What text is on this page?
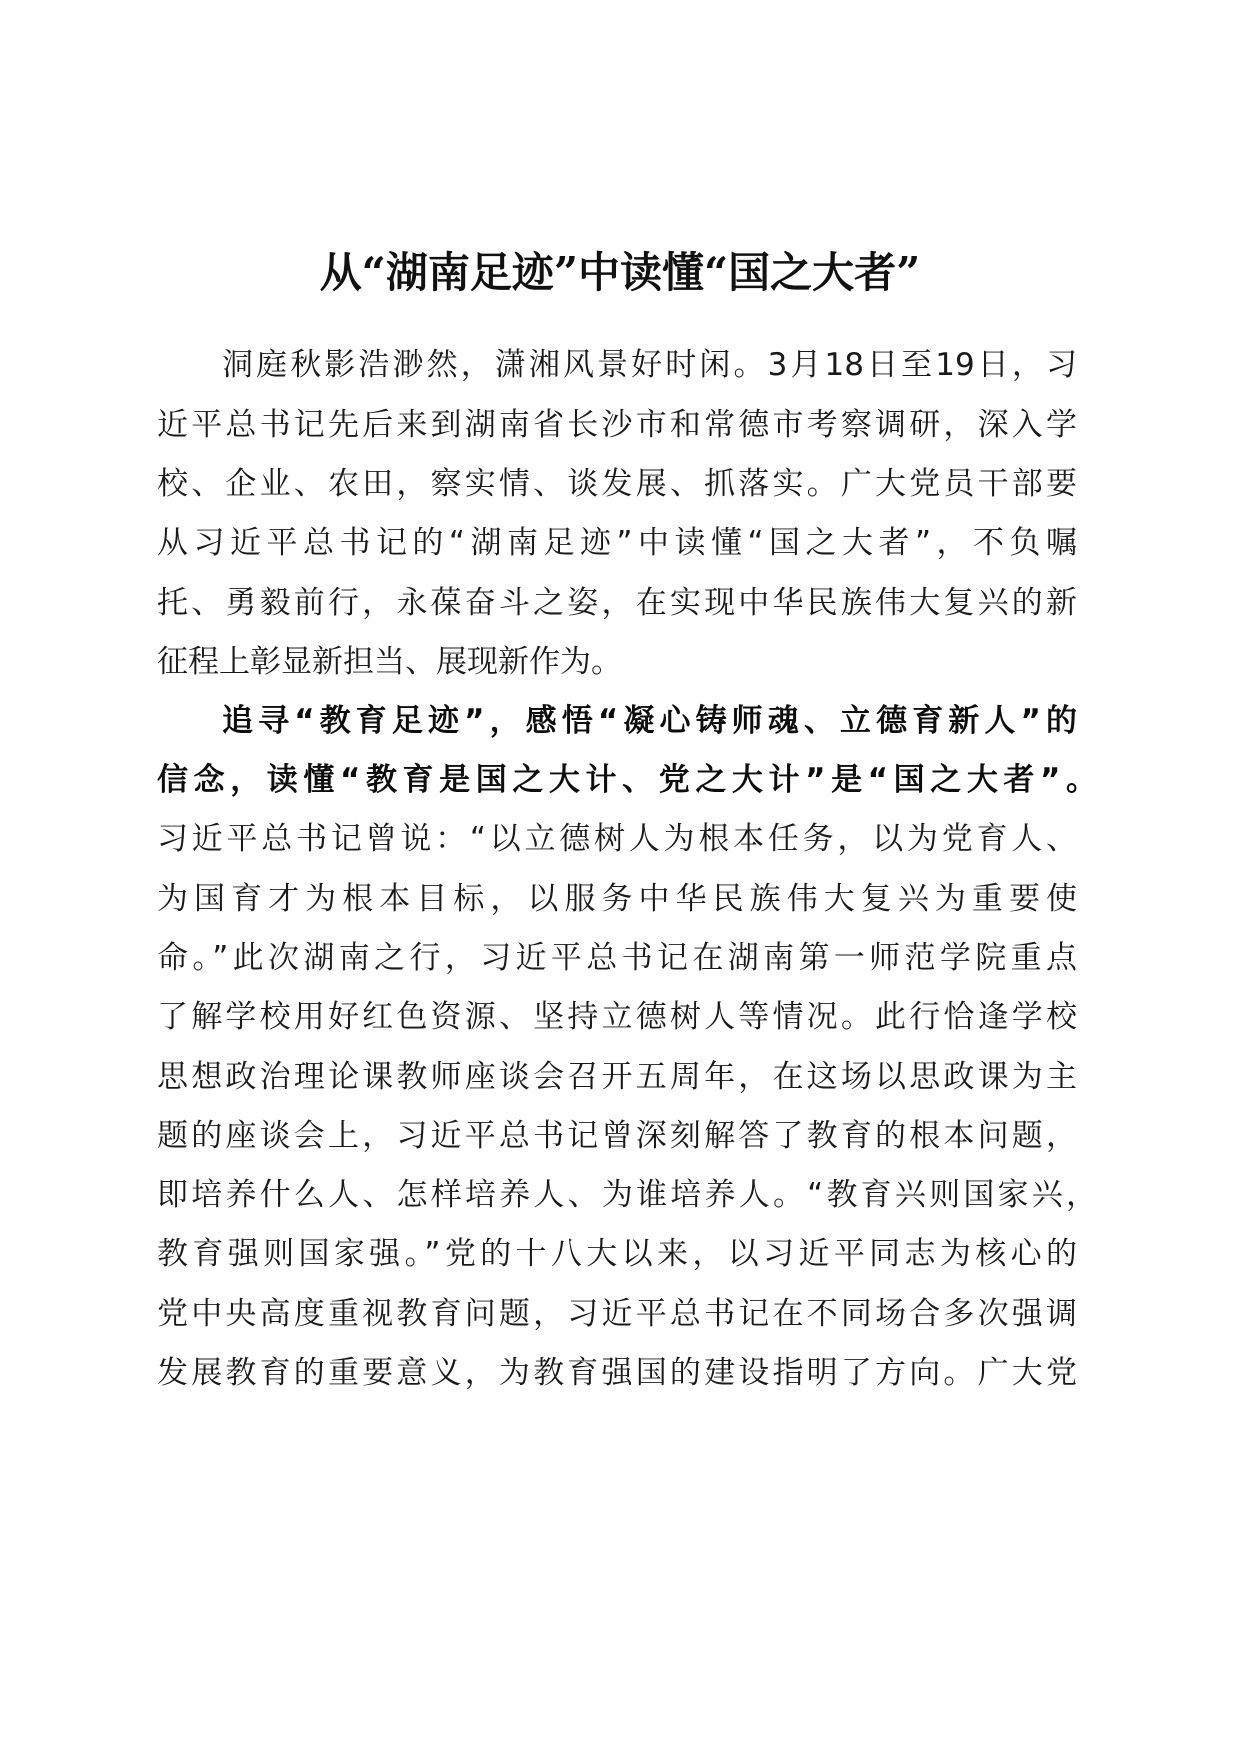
从“湖南足迹”中读懂“国之大者”
洞庭秋影浩渺然，潇湘风景好时闲。3月18日至19日，习
近平总书记先后来到湖南省长沙市和常德市考察调研，深入学
校、企业、农田，察实情、谈发展、抓落实。广大党员干部要
从习近平总书记的“湖南足迹”中读懂“国之大者”，不负嘱
托、勇毅前行，永葆奋斗之姿，在实现中华民族伟大复兴的新
征程上彰显新担当、展现新作为。
追寻“教育足迹”，感悟“凝心铸师魂、立德育新人”的
信念，读懂“教育是国之大计、党之大计”是“国之大者”。
习近平总书记曾说：“以立德树人为根本任务，以为党育人、
为国育才为根本目标，以服务中华民族伟大复兴为重要使
命。”此次湖南之行，习近平总书记在湖南第一师范学院重点
了解学校用好红色资源、坚持立德树人等情况。此行恰逢学校
思想政治理论课教师座谈会召开五周年，在这场以思政课为主
题的座谈会上，习近平总书记曾深刻解答了教育的根本问题，
即培养什么人、怎样培养人、为谁培养人。“教育兴则国家兴，
教育强则国家强。”党的十八大以来，以习近平同志为核心的
党中央高度重视教育问题，习近平总书记在不同场合多次强调
发展教育的重要意义，为教育强国的建设指明了方向。广大党
